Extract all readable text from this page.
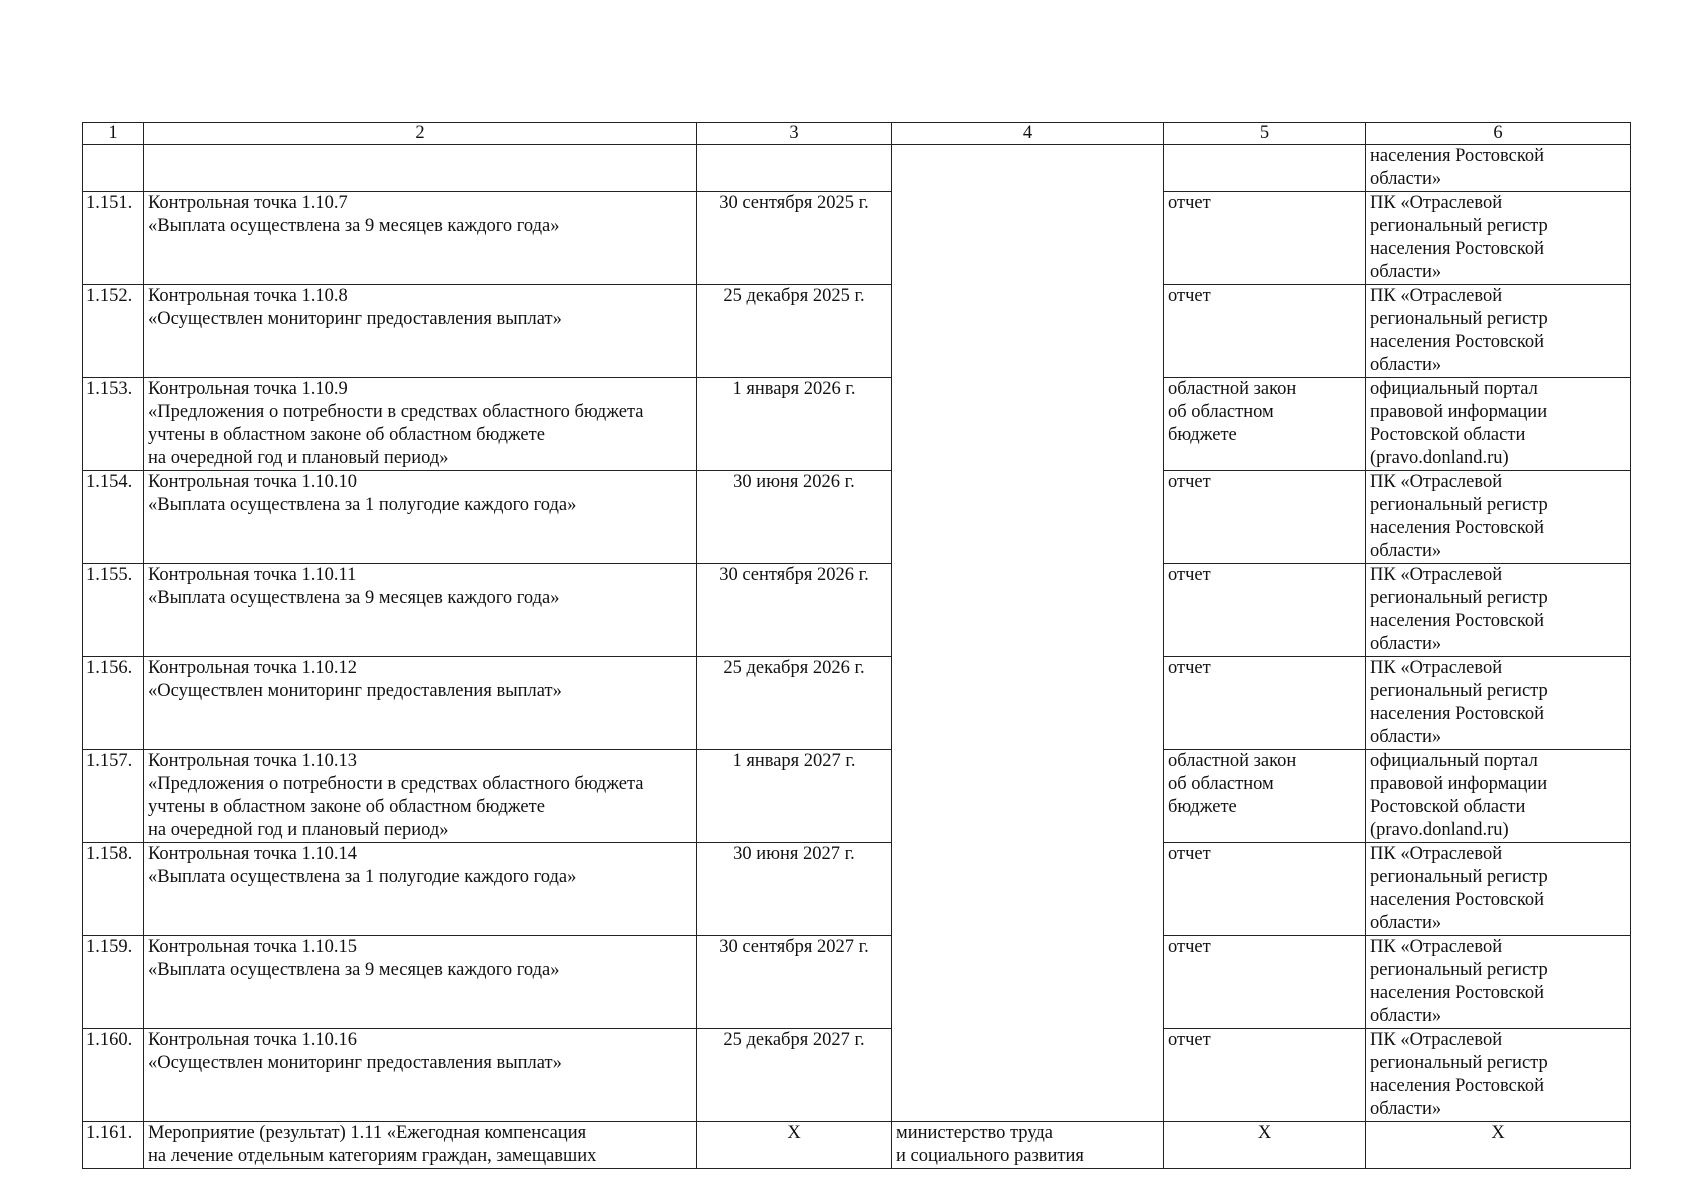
1	2	3	4	5	6

					населения Ростовской
области»

1.151.	Контрольная точка 1.10.7
«Выплата осуществлена за 9 месяцев каждого года»	30 сентября 2025 г.		отчет	ПК «Отраслевой
региональный регистр
населения Ростовской
области»

1.152.	Контрольная точка 1.10.8
«Осуществлен мониторинг предоставления выплат»	25 декабря 2025 г.		отчет	ПК «Отраслевой
региональный регистр
населения Ростовской
области»

1.153.	Контрольная точка 1.10.9
«Предложения о потребности в средствах областного бюджета
учтены в областном законе об областном бюджете
на очередной год и плановый период»	1 января 2026 г.		областной закон
об областном
бюджете	официальный портал
правовой информации
Ростовской области
(pravo.donland.ru)

1.154.	Контрольная точка 1.10.10
«Выплата осуществлена за 1 полугодие каждого года»	30 июня 2026 г.		отчет	ПК «Отраслевой
региональный регистр
населения Ростовской
области»

1.155.	Контрольная точка 1.10.11
«Выплата осуществлена за 9 месяцев каждого года»	30 сентября 2026 г.		отчет	ПК «Отраслевой
региональный регистр
населения Ростовской
области»

1.156.	Контрольная точка 1.10.12
«Осуществлен мониторинг предоставления выплат»	25 декабря 2026 г.		отчет	ПК «Отраслевой
региональный регистр
населения Ростовской
области»

1.157.	Контрольная точка 1.10.13
«Предложения о потребности в средствах областного бюджета
учтены в областном законе об областном бюджете
на очередной год и плановый период»	1 января 2027 г.		областной закон
об областном
бюджете	официальный портал
правовой информации
Ростовской области
(pravo.donland.ru)

1.158.	Контрольная точка 1.10.14
«Выплата осуществлена за 1 полугодие каждого года»	30 июня 2027 г.		отчет	ПК «Отраслевой
региональный регистр
населения Ростовской
области»

1.159.	Контрольная точка 1.10.15
«Выплата осуществлена за 9 месяцев каждого года»	30 сентября 2027 г.		отчет	ПК «Отраслевой
региональный регистр
населения Ростовской
области»

1.160.	Контрольная точка 1.10.16
«Осуществлен мониторинг предоставления выплат»	25 декабря 2027 г.		отчет	ПК «Отраслевой
региональный регистр
населения Ростовской
области»

1.161.	Мероприятие (результат) 1.11 «Ежегодная компенсация
на лечение отдельным категориям граждан, замещавших	X	министерство труда
и социального развития	X	X
